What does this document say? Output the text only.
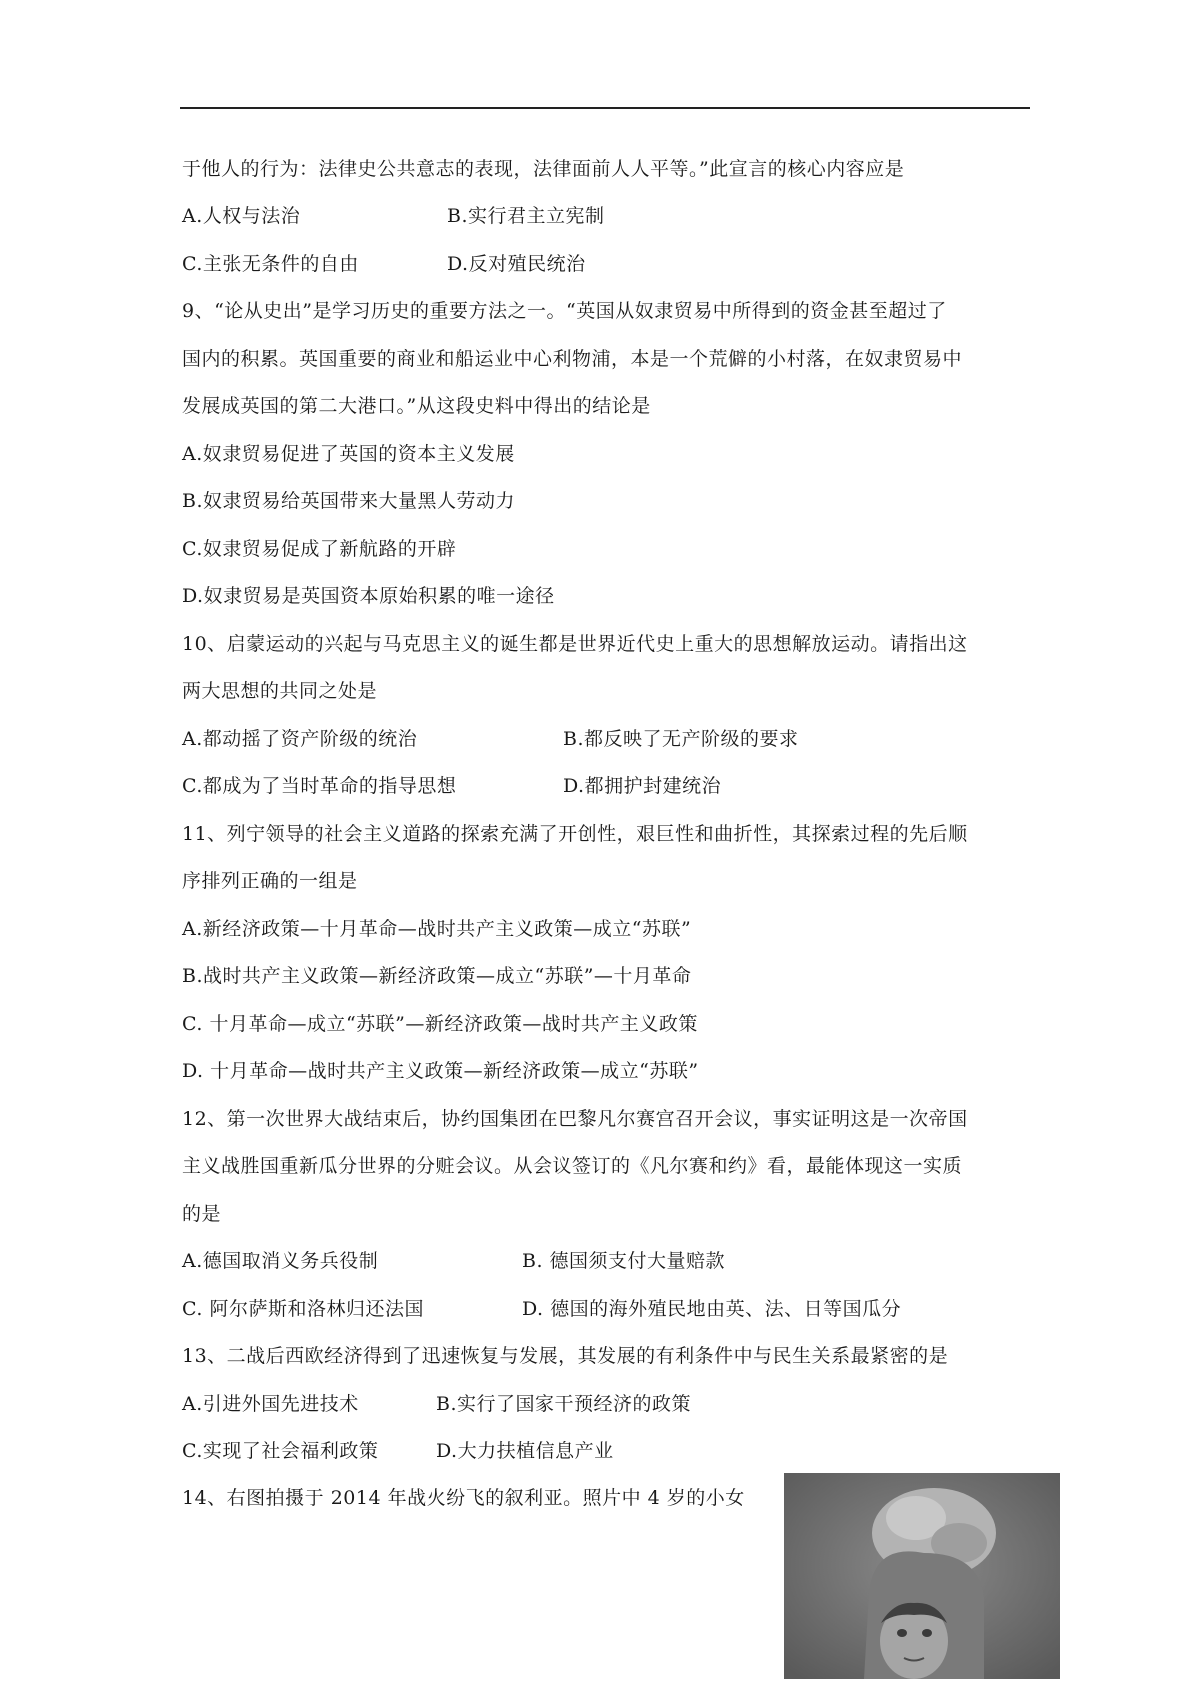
于他人的行为：法律史公共意志的表现，法律面前人人平等。”此宣言的核心内容应是
A.人权与法治	B.实行君主立宪制
C.主张无条件的自由	D.反对殖民统治
9、“论从史出”是学习历史的重要方法之一。“英国从奴隶贸易中所得到的资金甚至超过了
国内的积累。英国重要的商业和船运业中心利物浦，本是一个荒僻的小村落，在奴隶贸易中
发展成英国的第二大港口。”从这段史料中得出的结论是
A.奴隶贸易促进了英国的资本主义发展
B.奴隶贸易给英国带来大量黑人劳动力
C.奴隶贸易促成了新航路的开辟
D.奴隶贸易是英国资本原始积累的唯一途径
10、启蒙运动的兴起与马克思主义的诞生都是世界近代史上重大的思想解放运动。请指出这
两大思想的共同之处是
A.都动摇了资产阶级的统治	B.都反映了无产阶级的要求
C.都成为了当时革命的指导思想	D.都拥护封建统治
11、列宁领导的社会主义道路的探索充满了开创性，艰巨性和曲折性，其探索过程的先后顺
序排列正确的一组是
A.新经济政策—十月革命—战时共产主义政策—成立“苏联”
B.战时共产主义政策—新经济政策—成立“苏联”—十月革命
C. 十月革命—成立“苏联”—新经济政策—战时共产主义政策
D. 十月革命—战时共产主义政策—新经济政策—成立“苏联”
12、第一次世界大战结束后，协约国集团在巴黎凡尔赛宫召开会议，事实证明这是一次帝国
主义战胜国重新瓜分世界的分赃会议。从会议签订的《凡尔赛和约》看，最能体现这一实质
的是
A.德国取消义务兵役制	B. 德国须支付大量赔款
C. 阿尔萨斯和洛林归还法国	D. 德国的海外殖民地由英、法、日等国瓜分
13、二战后西欧经济得到了迅速恢复与发展，其发展的有利条件中与民生关系最紧密的是
A.引进外国先进技术	B.实行了国家干预经济的政策
C.实现了社会福利政策	D.大力扶植信息产业
14、右图拍摄于 2014 年战火纷飞的叙利亚。照片中 4 岁的小女
